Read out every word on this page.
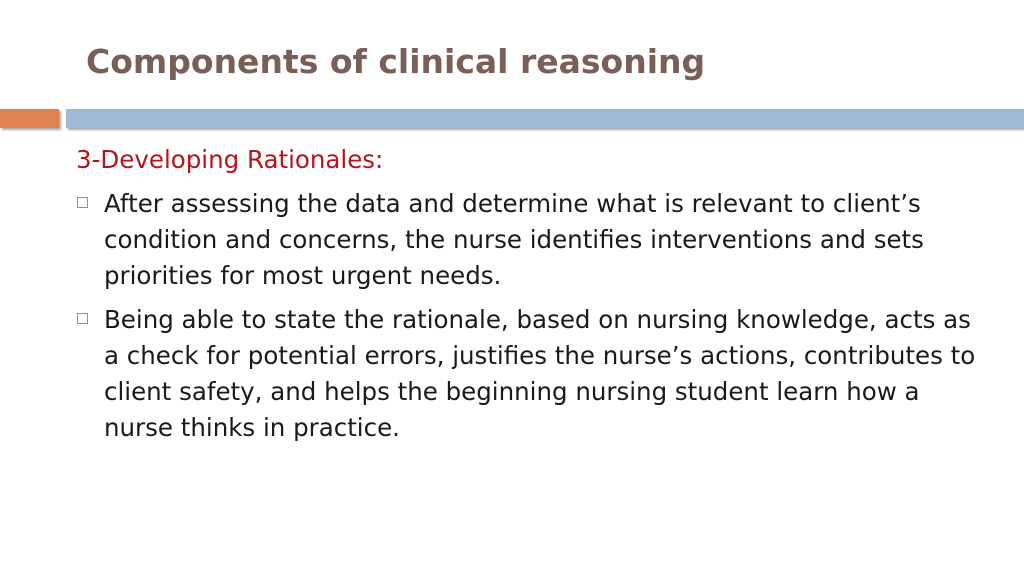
Components of clinical reasoning
3-Developing Rationales:
After assessing the data and determine what is relevant to client’s condition and concerns, the nurse identifies interventions and sets priorities for most urgent needs.
Being able to state the rationale, based on nursing knowledge, acts as a check for potential errors, justifies the nurse’s actions, contributes to client safety, and helps the beginning nursing student learn how a nurse thinks in practice.
